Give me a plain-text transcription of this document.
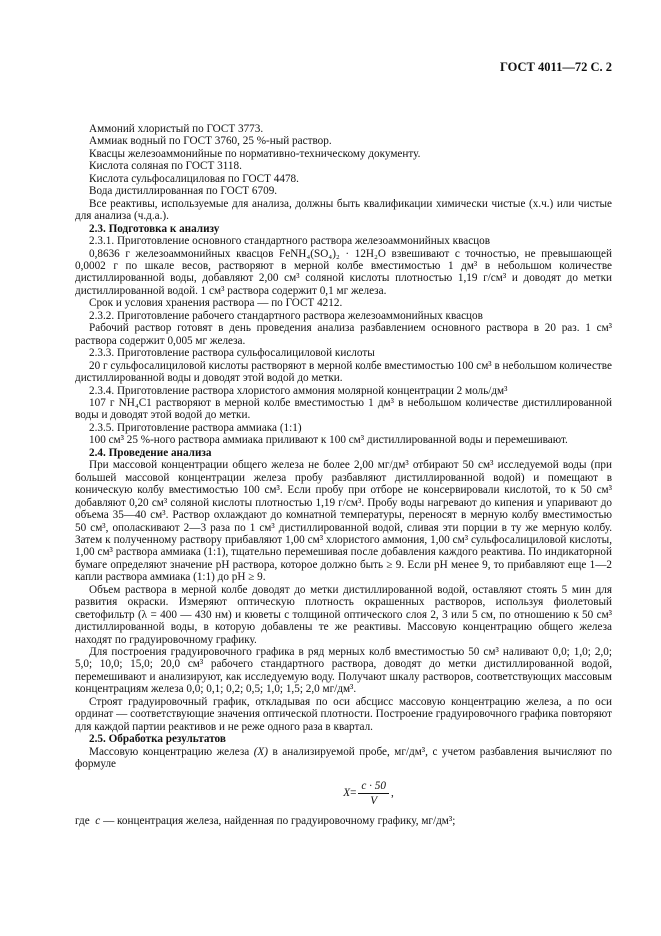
ГОСТ 4011—72 С. 2

Аммоний хлористый по ГОСТ 3773.

Аммиак водный по ГОСТ 3760, 25 %-ный раствор.

Квасцы железоаммонийные по нормативно-техническому документу.

Кислота соляная по ГОСТ 3118.

Кислота сульфосалициловая по ГОСТ 4478.

Вода дистиллированная по ГОСТ 6709.

Все реактивы, используемые для анализа, должны быть квалификации химически чистые (х.ч.) или чистые для анализа (ч.д.а.).

2.3. Подготовка к анализу

2.3.1. Приготовление основного стандартного раствора железоаммонийных квасцов

0,8636 г железоаммонийных квасцов FeNH₄(SO₄)₂ · 12H₂O взвешивают с точностью, не превышающей 0,0002 г по шкале весов, растворяют в мерной колбе вместимостью 1 дм³ в небольшом количестве дистиллированной воды, добавляют 2,00 см³ соляной кислоты плотностью 1,19 г/см³ и доводят до метки дистиллированной водой. 1 см³ раствора содержит 0,1 мг железа.

Срок и условия хранения раствора — по ГОСТ 4212.

2.3.2. Приготовление рабочего стандартного раствора железоаммонийных квасцов

Рабочий раствор готовят в день проведения анализа разбавлением основного раствора в 20 раз. 1 см³ раствора содержит 0,005 мг железа.

2.3.3. Приготовление раствора сульфосалициловой кислоты

20 г сульфосалициловой кислоты растворяют в мерной колбе вместимостью 100 см³ в небольшом количестве дистиллированной воды и доводят этой водой до метки.

2.3.4. Приготовление раствора хлористого аммония молярной концентрации 2 моль/дм³

107 г NH₄C1 растворяют в мерной колбе вместимостью 1 дм³ в небольшом количестве дистиллированной воды и доводят этой водой до метки.

2.3.5. Приготовление раствора аммиака (1:1)

100 см³ 25 %-ного раствора аммиака приливают к 100 см³ дистиллированной воды и перемешивают.

2.4. Проведение анализа

При массовой концентрации общего железа не более 2,00 мг/дм³ отбирают 50 см³ исследуемой воды (при большей массовой концентрации железа пробу разбавляют дистиллированной водой) и помещают в коническую колбу вместимостью 100 см³. Если пробу при отборе не консервировали кислотой, то к 50 см³ добавляют 0,20 см³ соляной кислоты плотностью 1,19 г/см³. Пробу воды нагревают до кипения и упаривают до объема 35—40 см³. Раствор охлаждают до комнатной температуры, переносят в мерную колбу вместимостью 50 см³, ополаскивают 2—3 раза по 1 см³ дистиллированной водой, сливая эти порции в ту же мерную колбу. Затем к полученному раствору прибавляют 1,00 см³ хлористого аммония, 1,00 см³ сульфосалициловой кислоты, 1,00 см³ раствора аммиака (1:1), тщательно перемешивая после добавления каждого реактива. По индикаторной бумаге определяют значение pH раствора, которое должно быть ≥ 9. Если pH менее 9, то прибавляют еще 1—2 капли раствора аммиака (1:1) до pH ≥ 9.

Объем раствора в мерной колбе доводят до метки дистиллированной водой, оставляют стоять 5 мин для развития окраски. Измеряют оптическую плотность окрашенных растворов, используя фиолетовый светофильтр (λ = 400 — 430 нм) и кюветы с толщиной оптического слоя 2, 3 или 5 см, по отношению к 50 см³ дистиллированной воды, в которую добавлены те же реактивы. Массовую концентрацию общего железа находят по градуировочному графику.

Для построения градуировочного графика в ряд мерных колб вместимостью 50 см³ наливают 0,0; 1,0; 2,0; 5,0; 10,0; 15,0; 20,0 см³ рабочего стандартного раствора, доводят до метки дистиллированной водой, перемешивают и анализируют, как исследуемую воду. Получают шкалу растворов, соответствующих массовым концентрациям железа 0,0; 0,1; 0,2; 0,5; 1,0; 1,5; 2,0 мг/дм³.

Строят градуировочный график, откладывая по оси абсцисс массовую концентрацию железа, а по оси ординат — соответствующие значения оптической плотности. Построение градуировочного графика повторяют для каждой партии реактивов и не реже одного раза в квартал.

2.5. Обработка результатов

Массовую концентрацию железа (X) в анализируемой пробе, мг/дм³, с учетом разбавления вычисляют по формуле

$X = \frac{c \cdot 50}{V}$ ,

где  c — концентрация железа, найденная по градуировочному графику, мг/дм³;
